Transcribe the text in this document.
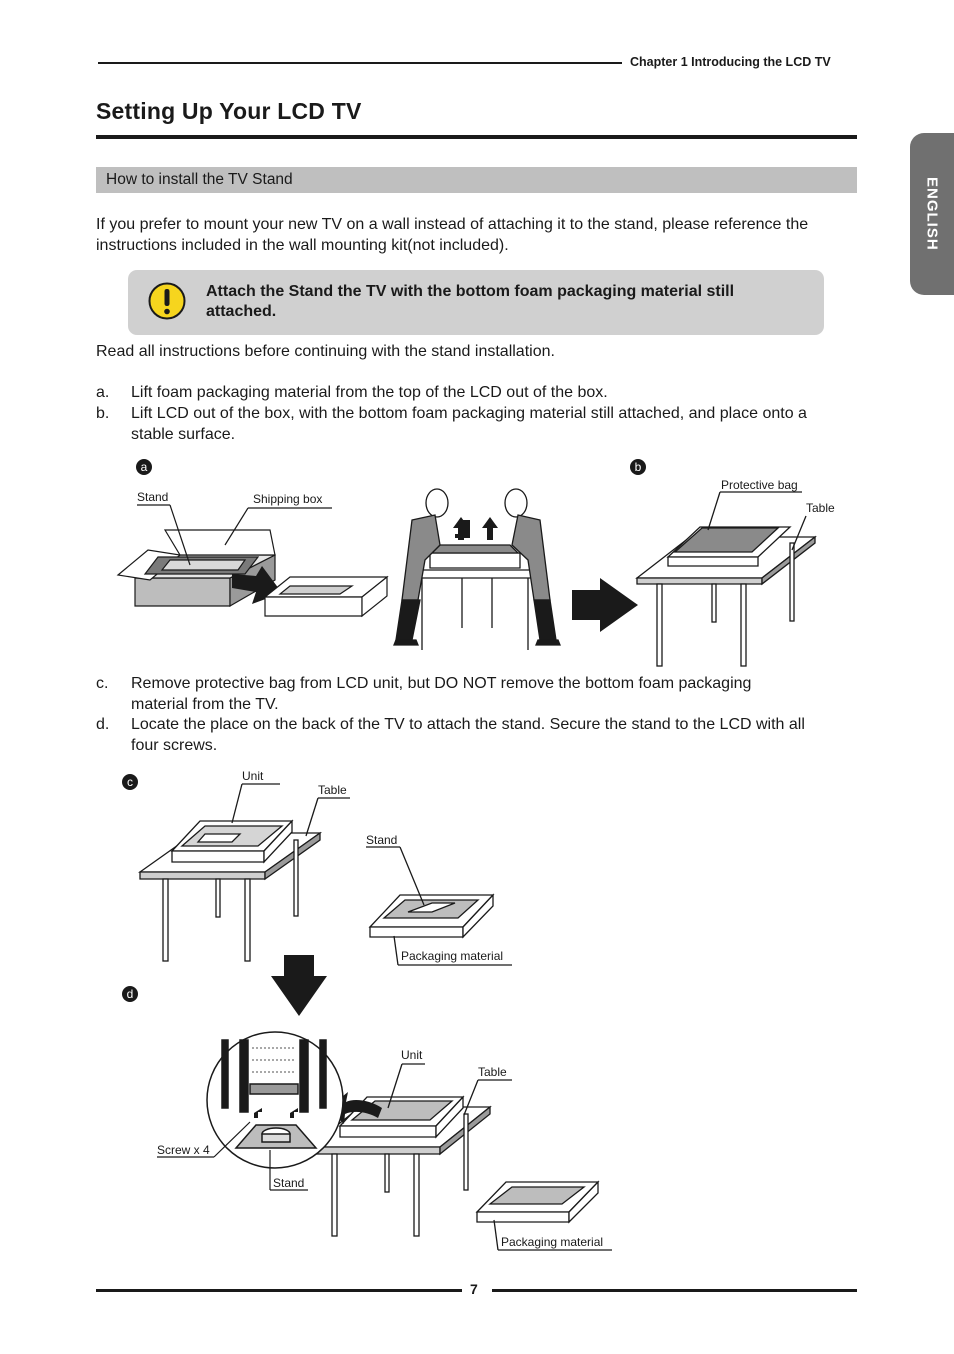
Chapter 1 Introducing the LCD TV
ENGLISH
Setting Up Your LCD TV
How to install the TV Stand
If you prefer to mount your new TV on a wall instead of attaching it to the stand, please reference the instructions included in the wall mounting kit(not included).
Attach the Stand the TV with the bottom foam packaging material still attached.
Read all instructions before continuing with the stand installation.
a. Lift foam packaging material from the top of the LCD out of the box.
b. Lift LCD out of the box, with the bottom foam packaging material still attached, and place onto a stable surface.
a	b
Stand	Shipping box
Protective bag
Table
c. Remove protective bag from LCD unit, but DO NOT remove the bottom foam packaging material from the TV.
d. Locate the place on the back of the TV to attach the stand. Secure the stand to the LCD with all four screws.
c
d
Unit
Table
Stand
Packaging material
Unit
Table
Screw x 4
Stand
Packaging material
7
